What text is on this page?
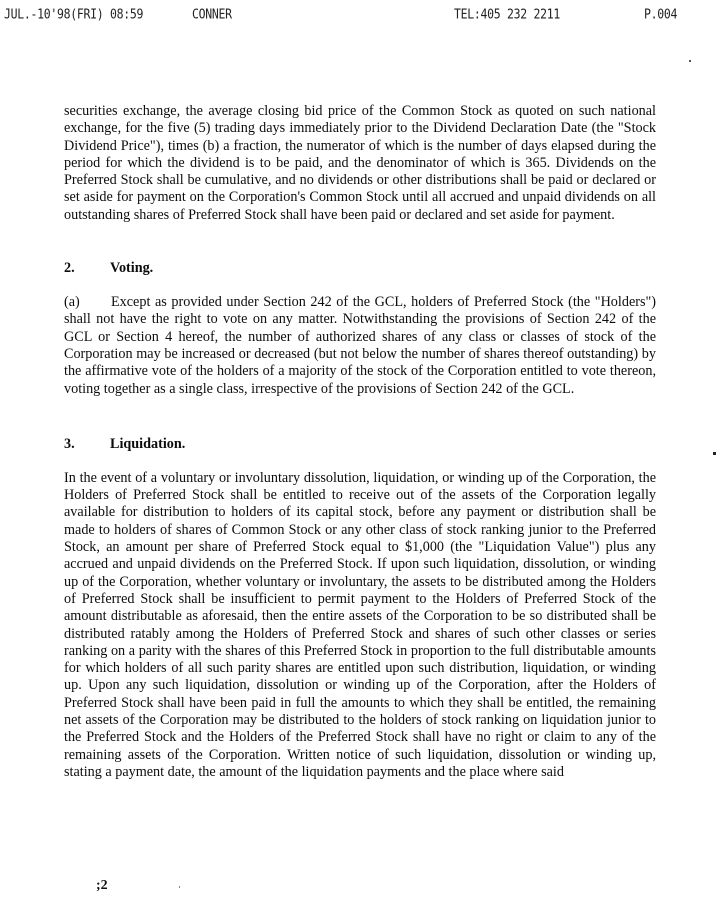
JUL.-10'98(FRI) 08:59	CONNER	TEL:405 232 2211	P.004

securities exchange, the average closing bid price of the Common Stock as quoted on such national exchange, for the five (5) trading days immediately prior to the Dividend Declaration Date (the "Stock Dividend Price"), times (b) a fraction, the numerator of which is the number of days elapsed during the period for which the dividend is to be paid, and the denominator of which is 365. Dividends on the Preferred Stock shall be cumulative, and no dividends or other distributions shall be paid or declared or set aside for payment on the Corporation's Common Stock until all accrued and unpaid dividends on all outstanding shares of Preferred Stock shall have been paid or declared and set aside for payment.

2. Voting.

(a) Except as provided under Section 242 of the GCL, holders of Preferred Stock (the "Holders") shall not have the right to vote on any matter. Notwithstanding the provisions of Section 242 of the GCL or Section 4 hereof, the number of authorized shares of any class or classes of stock of the Corporation may be increased or decreased (but not below the number of shares thereof outstanding) by the affirmative vote of the holders of a majority of the stock of the Corporation entitled to vote thereon, voting together as a single class, irrespective of the provisions of Section 242 of the GCL.

3. Liquidation.

In the event of a voluntary or involuntary dissolution, liquidation, or winding up of the Corporation, the Holders of Preferred Stock shall be entitled to receive out of the assets of the Corporation legally available for distribution to holders of its capital stock, before any payment or distribution shall be made to holders of shares of Common Stock or any other class of stock ranking junior to the Preferred Stock, an amount per share of Preferred Stock equal to $1,000 (the "Liquidation Value") plus any accrued and unpaid dividends on the Preferred Stock. If upon such liquidation, dissolution, or winding up of the Corporation, whether voluntary or involuntary, the assets to be distributed among the Holders of Preferred Stock shall be insufficient to permit payment to the Holders of Preferred Stock of the amount distributable as aforesaid, then the entire assets of the Corporation to be so distributed shall be distributed ratably among the Holders of Preferred Stock and shares of such other classes or series ranking on a parity with the shares of this Preferred Stock in proportion to the full distributable amounts for which holders of all such parity shares are entitled upon such distribution, liquidation, or winding up. Upon any such liquidation, dissolution or winding up of the Corporation, after the Holders of Preferred Stock shall have been paid in full the amounts to which they shall be entitled, the remaining net assets of the Corporation may be distributed to the holders of stock ranking on liquidation junior to the Preferred Stock and the Holders of the Preferred Stock shall have no right or claim to any of the remaining assets of the Corporation. Written notice of such liquidation, dissolution or winding up, stating a payment date, the amount of the liquidation payments and the place where said

;2
